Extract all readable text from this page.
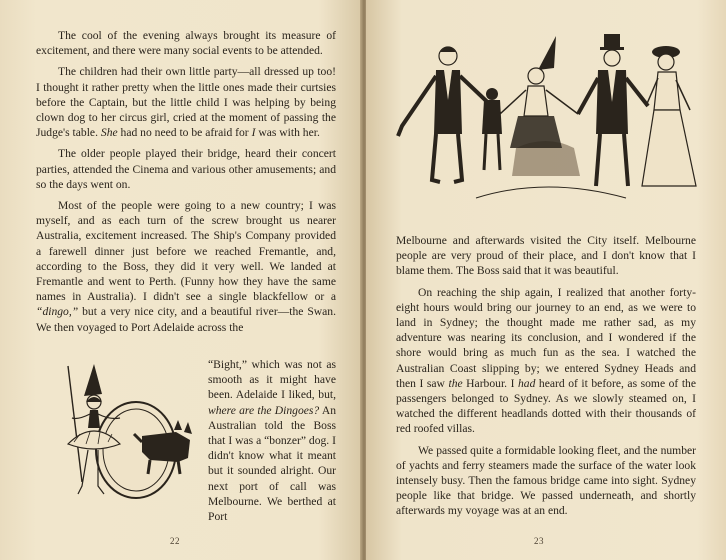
The cool of the evening always brought its measure of excitement, and there were many social events to be attended.

The children had their own little party—all dressed up too! I thought it rather pretty when the little ones made their curtsies before the Captain, but the little child I was helping by being clown dog to her circus girl, cried at the moment of passing the Judge's table. She had no need to be afraid for I was with her.

The older people played their bridge, heard their concert parties, attended the Cinema and various other amusements; and so the days went on.

Most of the people were going to a new country; I was myself, and as each turn of the screw brought us nearer Australia, excitement increased. The Ship's Company provided a farewell dinner just before we reached Fremantle, and, according to the Boss, they did it very well. We landed at Fremantle and went to Perth. (Funny how they have the same names in Australia). I didn't see a single blackfellow or a “dingo,” but a very nice city, and a beautiful river—the Swan. We then voyaged to Port Adelaide across the

“Bight,” which was not as smooth as it might have been. Adelaide I liked, but, where are the Dingoes? An Australian told the Boss that I was a “bonzer” dog. I didn't know what it meant but it sounded alright. Our next port of call was Melbourne. We berthed at Port
22

Melbourne and afterwards visited the City itself. Melbourne people are very proud of their place, and I don't know that I blame them. The Boss said that it was beautiful.

On reaching the ship again, I realized that another forty-eight hours would bring our journey to an end, as we were to land in Sydney; the thought made me rather sad, as my adventure was nearing its conclusion, and I wondered if the shore would bring as much fun as the sea. I watched the Australian Coast slipping by; we entered Sydney Heads and then I saw the Harbour. I had heard of it before, as some of the passengers belonged to Sydney. As we slowly steamed on, I watched the different headlands dotted with their thousands of red roofed villas.

We passed quite a formidable looking fleet, and the number of yachts and ferry steamers made the surface of the water look intensely busy. Then the famous bridge came into sight. Sydney people like that bridge. We passed underneath, and shortly afterwards my voyage was at an end.

23
